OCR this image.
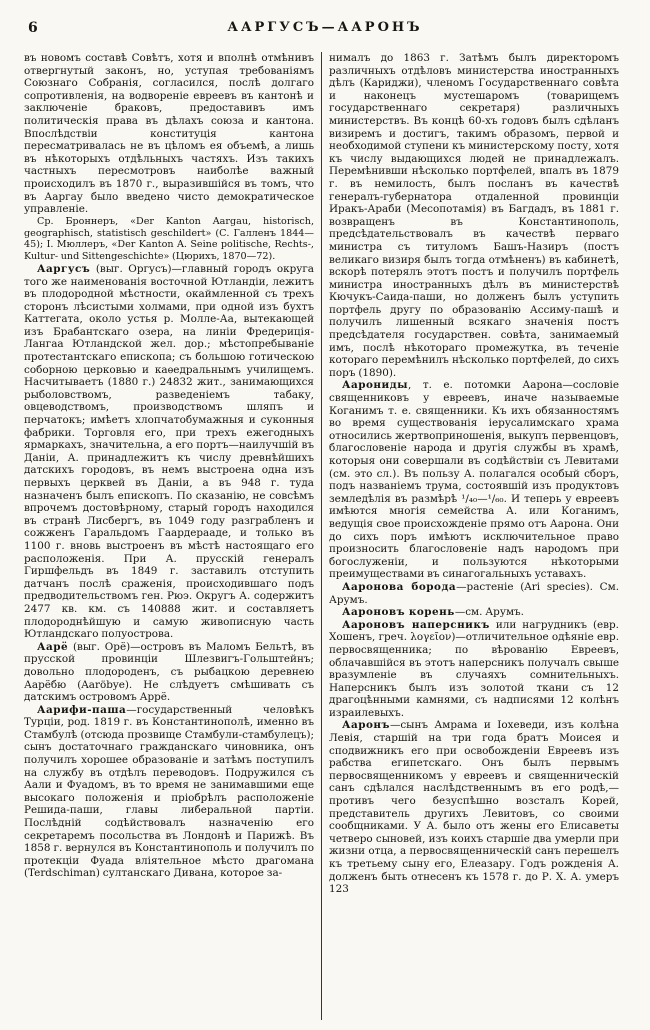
6	ААРГУСЪ—ААРОНЪ

въ новомъ составѣ Совѣтъ, хотя и вполнѣ отмѣнивъ отвергнутый законъ, но, уступая требованіямъ Союзнаго Собранія, согласился, послѣ долгаго сопротивленія, на водвореніе евреевъ въ кантонѣ и заключеніе браковъ, предоставивъ имъ политическія права въ дѣлахъ союза и кантона. Впослѣдствіи конституція кантона пересматривалась не въ цѣломъ ея объемѣ, а лишь въ нѣкоторыхъ отдѣльныхъ частяхъ. Изъ такихъ частныхъ пересмотровъ наиболѣе важный происходилъ въ 1870 г., выразившійся въ томъ, что въ Ааргау было введено чисто демократическое управленіе.

Ср. Броннеръ, «Der Kanton Aargau, historisch, geographisch, statistisch geschildert» (С. Галленъ 1844—45); I. Мюллеръ, «Der Kanton A. Seine politische, Rechts-, Kultur- und Sittengeschichte» (Цюрихъ, 1870—72).

Ааргусъ (выг. Оргусъ)—главный городъ округа того же наименованія восточной Ютландіи, лежитъ въ плодородной мѣстности, окаймленной съ трехъ сторонъ лѣсистыми холмами, при одной изъ бухтъ Каттегата, около устья р. Молле-Аа, вытекающей изъ Брабантскаго озера, на линіи Фредериція-Лангаа Ютландской жел. дор.; мѣстопребываніе протестантскаго епископа; съ большою готическою соборною церковью и каѳедральнымъ училищемъ. Насчитываетъ (1880 г.) 24832 жит., занимающихся рыболовствомъ, разведеніемъ табаку, овцеводствомъ, производствомъ шляпъ и перчатокъ; имѣетъ хлопчатобумажныя и суконныя фабрики. Торговля его, при трехъ ежегодныхъ ярмаркахъ, значительна, а его портъ—наилучшій въ Даніи, А. принадлежитъ къ числу древнѣйшихъ датскихъ городовъ, въ немъ выстроена одна изъ первыхъ церквей въ Даніи, а въ 948 г. туда назначенъ былъ епископъ. По сказанію, не совсѣмъ впрочемъ достовѣрному, старый городъ находился въ странѣ Лисбергъ, въ 1049 году разграбленъ и сожженъ Гаральдомъ Гаардерааде, и только въ 1100 г. вновь выстроенъ въ мѣстѣ настоящаго его расположенія. При А. прусскій генералъ Гиршфельдъ въ 1849 г. заставилъ отступить датчанъ послѣ сраженія, происходившаго подъ предводительствомъ ген. Рюэ. Округъ А. содержитъ 2477 кв. км. съ 140888 жит. и составляетъ плодороднѣйшую и самую живописную часть Ютландскаго полуострова.

Аарё (выг. Орё)—островъ въ Маломъ Бельтѣ, въ прусской провинціи Шлезвигъ-Гольштейнъ; довольно плодороденъ, съ рыбацкою деревнею Аарёбю (Aaröbye). Не слѣдуетъ смѣшивать съ датскимъ островомъ Аррё.

Аарифи-паша—государственный человѣкъ Турціи, род. 1819 г. въ Константинополѣ, именно въ Стамбулѣ (отсюда прозвище Стамбули-стамбулецъ); сынъ достаточнаго гражданскаго чиновника, онъ получилъ хорошее образованіе и затѣмъ поступилъ на службу въ отдѣлъ переводовъ. Подружился съ Аали и Фуадомъ, въ то время не занимавшими еще высокаго положенія и пріобрѣлъ расположеніе Решида-паши, главы либеральной партіи. Послѣдній содѣйствовалъ назначенію его секретаремъ посольства въ Лондонѣ и Парижѣ. Въ 1858 г. вернулся въ Константинополь и получилъ по протекціи Фуада вліятельное мѣсто драгомана (Terdschiman) султанскаго Дивана, которое за-

нималъ до 1863 г. Затѣмъ былъ директоромъ различныхъ отдѣловъ министерства иностранныхъ дѣлъ (Кариджи), членомъ Государственнаго совѣта и наконецъ мустешаромъ (товарищемъ государственнаго секретаря) различныхъ министерствъ. Въ концѣ 60-хъ годовъ былъ сдѣланъ визиремъ и достигъ, такимъ образомъ, первой и необходимой ступени къ министерскому посту, хотя къ числу выдающихся людей не принадлежалъ. Перемѣнивши нѣсколько портфелей, впалъ въ 1879 г. въ немилость, былъ посланъ въ качествѣ генералъ-губернатора отдаленной провинціи Иракъ-Араби (Месопотамія) въ Багдадъ, въ 1881 г. возвращенъ въ Константинополь, предсѣдательствовалъ въ качествѣ перваго министра съ титуломъ Башъ-Назиръ (постъ великаго визиря былъ тогда отмѣненъ) въ кабинетѣ, вскорѣ потерялъ этотъ постъ и получилъ портфель министра иностранныхъ дѣлъ въ министерствѣ Кючукъ-Саида-паши, но долженъ былъ уступить портфель другу по образованію Ассиму-пашѣ и получилъ лишенный всякаго значенія постъ предсѣдателя государствен. совѣта, занимаемый имъ, послѣ нѣкотораго промежутка, въ теченіе котораго перемѣнилъ нѣсколько портфелей, до сихъ поръ (1890).

Аарониды, т. е. потомки Аарона—сословіе священниковъ у евреевъ, иначе называемые Коганимъ т. е. священники. Къ ихъ обязанностямъ во время существованія іерусалимскаго храма относились жертвоприношенія, выкупъ первенцовъ, благословеніе народа и другія службы въ храмѣ, которыя они совершали въ содѣйствіи съ Левитами (см. это сл.). Въ пользу А. полагался особый сборъ, подъ названіемъ трума, состоявшій изъ продуктовъ земледѣлія въ размѣрѣ ¹/₄₀—¹/₆₀. И теперь у евреевъ имѣются многія семейства А. или Коганимъ, ведущія свое происхожденіе прямо отъ Аарона. Они до сихъ поръ имѣютъ исключительное право произносить благословеніе надъ народомъ при богослуженіи, и пользуются нѣкоторыми преимуществами въ синагогальныхъ уставахъ.

Ааронова борода—растеніе (Ari species). См. Арумъ.

Аароновъ корень—см. Арумъ.

Аароновъ наперсникъ или нагрудникъ (евр. Хошенъ, греч. λογεῖον)—отличительное одѣяніе евр. первосвященника; по вѣрованію Евреевъ, облачавшійся въ этотъ наперсникъ получалъ свыше вразумленіе въ случаяхъ сомнительныхъ. Наперсникъ былъ изъ золотой ткани съ 12 драгоцѣнными камнями, съ надписями 12 колѣнъ израилевыхъ.

Ааронъ—сынъ Амрама и Іохеведи, изъ колѣна Левія, старшій на три года братъ Моисея и сподвижникъ его при освобожденіи Евреевъ изъ рабства египетскаго. Онъ былъ первымъ первосвященникомъ у евреевъ и священническій санъ сдѣлался наслѣдственнымъ въ его родѣ,—противъ чего безуспѣшно возсталъ Корей, представитель другихъ Левитовъ, со своими сообщниками. У А. было отъ жены его Елисаветы четверо сыновей, изъ коихъ старшіе два умерли при жизни отца, а первосвященническій санъ перешелъ къ третьему сыну его, Елеазару. Годъ рожденія А. долженъ быть отнесенъ къ 1578 г. до Р. Х. А. умеръ 123
